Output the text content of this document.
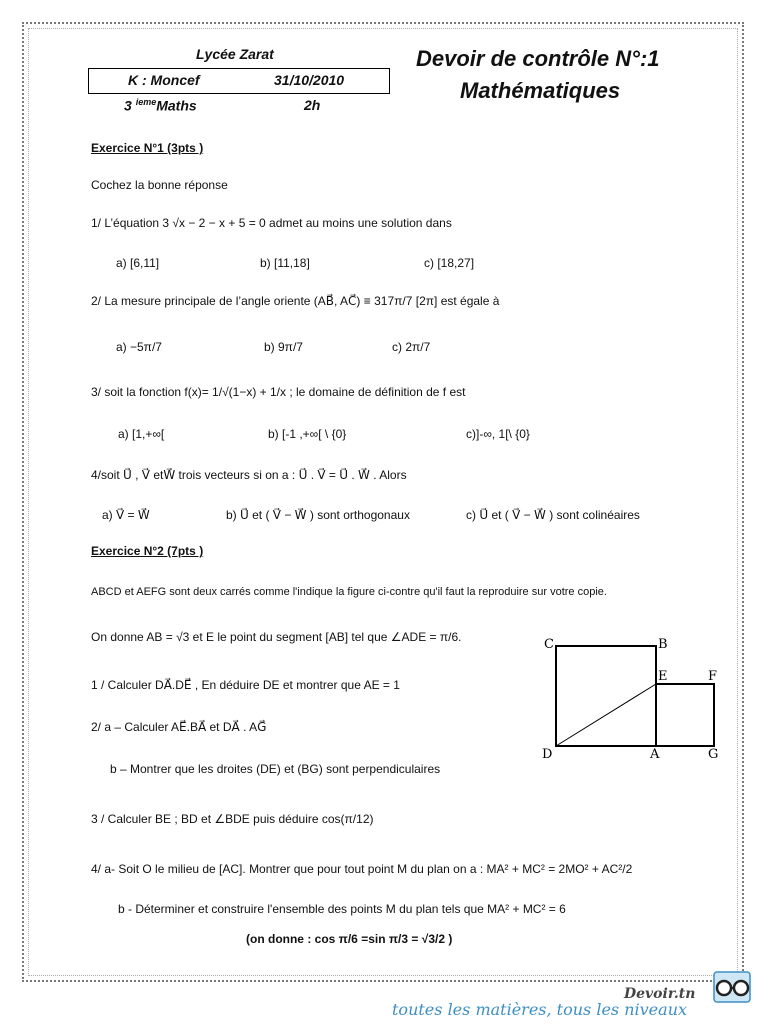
Lycée Zarat
K : Moncef	31/10/2010
3 $^{ieme}$Maths	2h
Devoir de contrôle N°:1
Mathématiques
Exercice N°1 (3pts )
Cochez la bonne réponse
1/ L’équation 3 √x − 2 − x + 5 = 0 admet au moins une solution dans
a) [6,11]	b) [11,18]	c) [18,27]
2/ La mesure principale de l’angle oriente (AB⃗, AC⃗) ≡ 317π/7 [2π] est égale à
a) −5π/7	b) 9π/7	c) 2π/7
3/ soit la fonction f(x)= 1/√(1−x) + 1/x ; le domaine de définition de f est
a) [1,+∞[	b) [-1 ,+∞[ \ {0}	c)]-∞, 1[\ {0}
4/soit U⃗ , V⃗ etW⃗ trois vecteurs si on a : U⃗ . V⃗ = U⃗ . W⃗ . Alors
a) V⃗ = W⃗	b) U⃗ et ( V⃗ − W⃗ ) sont orthogonaux	c) U⃗ et ( V⃗ − W⃗ ) sont colinéaires
Exercice N°2 (7pts )
ABCD et AEFG sont deux carrés comme l'indique la figure ci-contre qu'il faut la reproduire sur votre copie.
On donne AB = √3 et E le point du segment [AB] tel que ∠ADE = π/6.
1 / Calculer DA⃗.DE⃗ , En déduire DE et montrer que AE = 1
2/ a – Calculer AE⃗.BA⃗ et DA⃗ . AG⃗
b – Montrer que les droites (DE) et (BG) sont perpendiculaires
3 / Calculer BE ; BD et ∠BDE puis déduire cos(π/12)
4/ a- Soit O le milieu de [AC]. Montrer que pour tout point M du plan on a : MA² + MC² = 2MO² + AC²/2
b - Déterminer et construire l'ensemble des points M du plan tels que MA² + MC² = 6
(on donne : cos π/6 =sin π/3 = √3/2 )
C	B
E	F
D	A	G
Devoir.tn
toutes les matières, tous les niveaux
